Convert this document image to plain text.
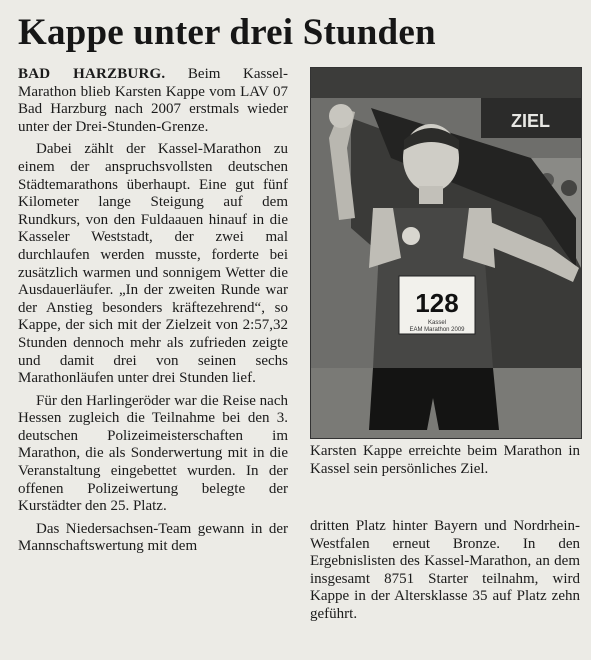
Kappe unter drei Stunden

BAD HARZBURG. Beim Kassel-Marathon blieb Karsten Kappe vom LAV 07 Bad Harzburg nach 2007 erstmals wieder unter der Drei-Stunden-Grenze.

Dabei zählt der Kassel-Marathon zu einem der anspruchsvollsten deutschen Städtemarathons überhaupt. Eine gut fünf Kilometer lange Steigung auf dem Rundkurs, von den Fuldaauen hinauf in die Kasseler Weststadt, der zwei mal durchlaufen werden musste, forderte bei zusätzlich warmen und sonnigem Wetter die Ausdauerläufer. „In der zweiten Runde war der Anstieg besonders kräftezehrend“, so Kappe, der sich mit der Zielzeit von 2:57,32 Stunden dennoch mehr als zufrieden zeigte und damit drei von seinen sechs Marathonläufen unter drei Stunden lief.

Für den Harlingeröder war die Reise nach Hessen zugleich die Teilnahme bei den 3. deutschen Polizeimeisterschaften im Marathon, die als Sonderwertung mit in die Veranstaltung eingebettet wurden. In der offenen Polizeiwertung belegte der Kurstädter den 25. Platz.

Das Niedersachsen-Team gewann in der Mannschaftswertung mit dem

ZIEL
128
Kassel
EAM Marathon 2009
Karsten Kappe erreichte beim Marathon in Kassel sein persönliches Ziel.

dritten Platz hinter Bayern und Nordrhein-Westfalen erneut Bronze. In den Ergebnislisten des Kassel-Marathon, an dem insgesamt 8751 Starter teilnahm, wird Kappe in der Altersklasse 35 auf Platz zehn geführt.
